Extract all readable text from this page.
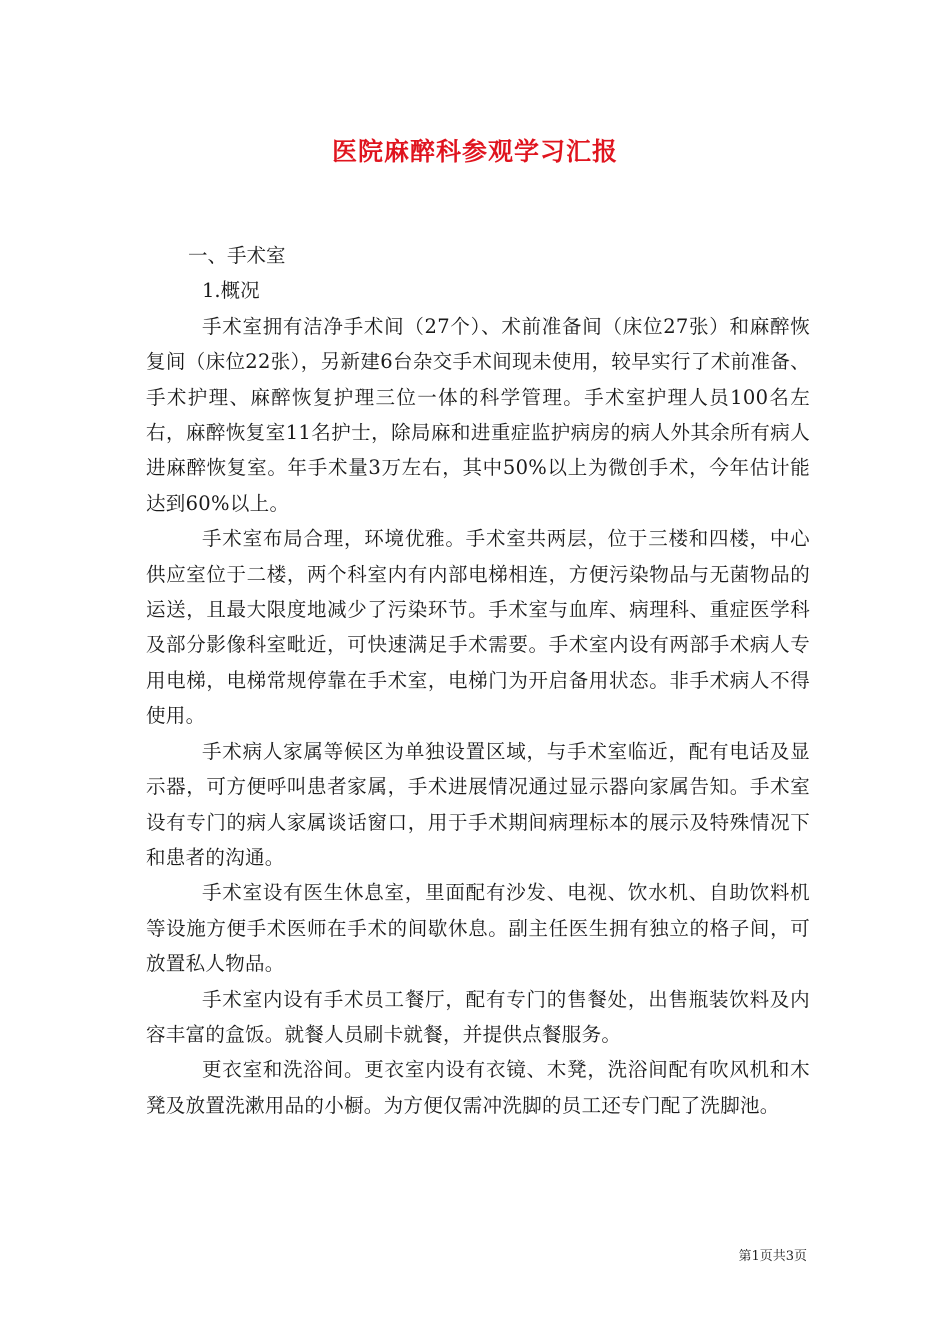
医院麻醉科参观学习汇报

一、手术室

1.概况

手术室拥有洁净手术间（27个）、术前准备间（床位27张）和麻醉恢复间（床位22张），另新建6台杂交手术间现未使用，较早实行了术前准备、手术护理、麻醉恢复护理三位一体的科学管理。手术室护理人员100名左右，麻醉恢复室11名护士，除局麻和进重症监护病房的病人外其余所有病人进麻醉恢复室。年手术量3万左右，其中50%以上为微创手术，今年估计能达到60%以上。

手术室布局合理，环境优雅。手术室共两层，位于三楼和四楼，中心供应室位于二楼，两个科室内有内部电梯相连，方便污染物品与无菌物品的运送，且最大限度地减少了污染环节。手术室与血库、病理科、重症医学科及部分影像科室毗近，可快速满足手术需要。手术室内设有两部手术病人专用电梯，电梯常规停靠在手术室，电梯门为开启备用状态。非手术病人不得使用。

手术病人家属等候区为单独设置区域，与手术室临近，配有电话及显示器，可方便呼叫患者家属，手术进展情况通过显示器向家属告知。手术室设有专门的病人家属谈话窗口，用于手术期间病理标本的展示及特殊情况下和患者的沟通。

手术室设有医生休息室，里面配有沙发、电视、饮水机、自助饮料机等设施方便手术医师在手术的间歇休息。副主任医生拥有独立的格子间，可放置私人物品。

手术室内设有手术员工餐厅，配有专门的售餐处，出售瓶装饮料及内容丰富的盒饭。就餐人员刷卡就餐，并提供点餐服务。

更衣室和洗浴间。更衣室内设有衣镜、木凳，洗浴间配有吹风机和木凳及放置洗漱用品的小橱。为方便仅需冲洗脚的员工还专门配了洗脚池。

第1页共3页
